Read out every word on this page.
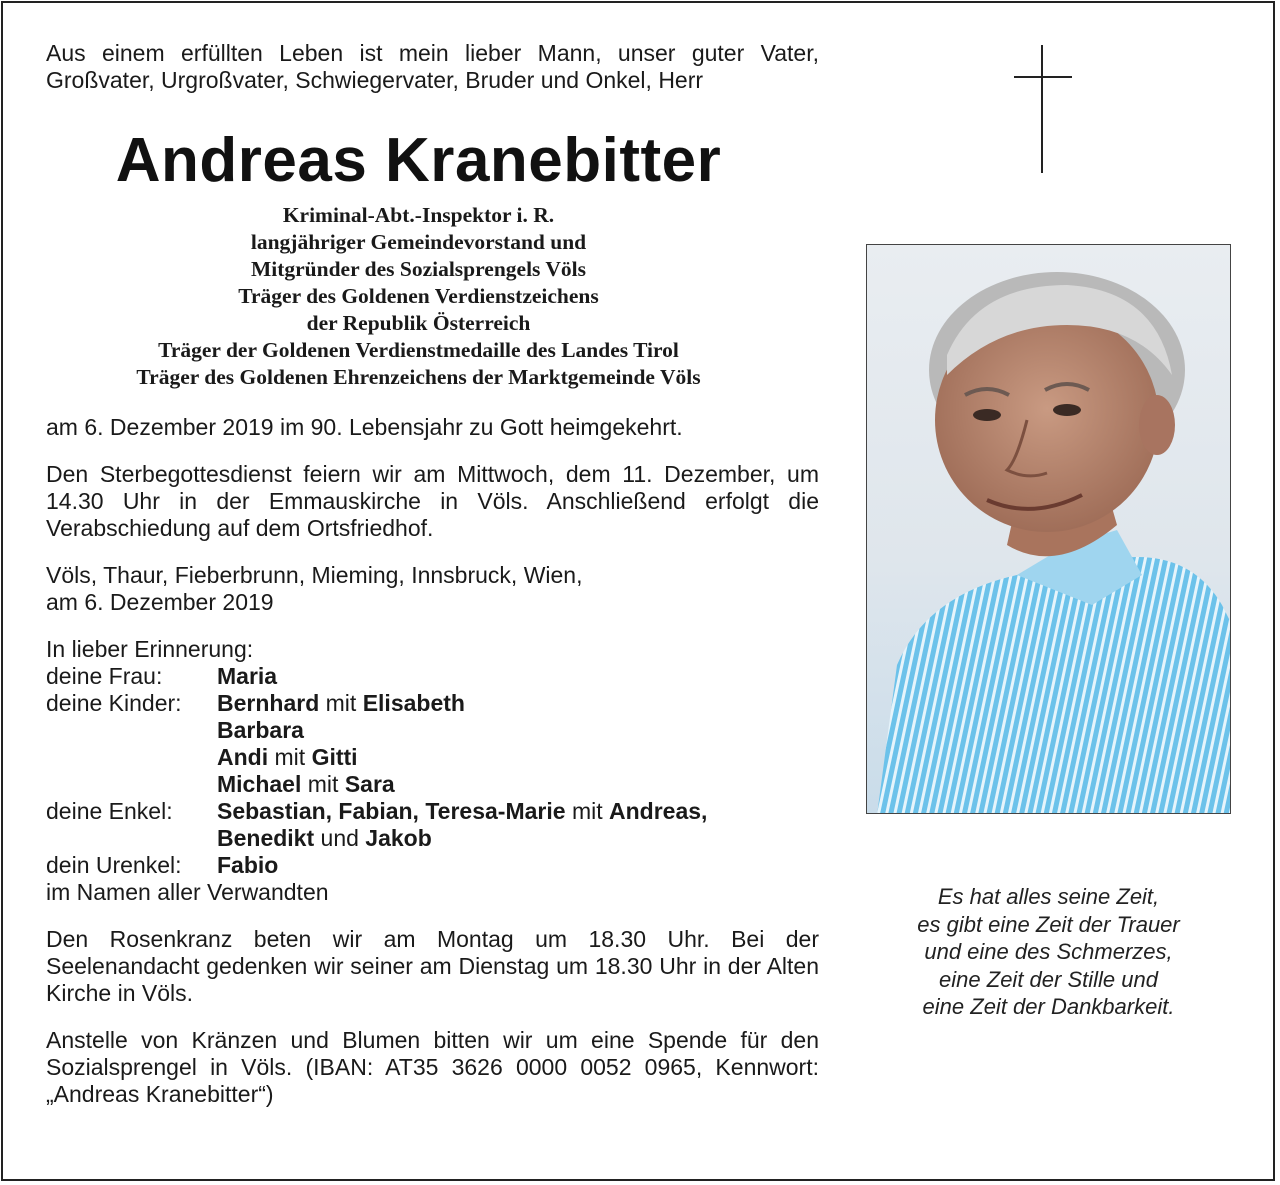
Aus einem erfüllten Leben ist mein lieber Mann, unser guter Vater, Großvater, Urgroßvater, Schwiegervater, Bruder und Onkel, Herr

Andreas Kranebitter
Kriminal-Abt.-Inspektor i. R.
langjähriger Gemeindevorstand und
Mitgründer des Sozialsprengels Völs
Träger des Goldenen Verdienstzeichens
der Republik Österreich
Träger der Goldenen Verdienstmedaille des Landes Tirol
Träger des Goldenen Ehrenzeichens der Marktgemeinde Völs

am 6. Dezember 2019 im 90. Lebensjahr zu Gott heimgekehrt.

Den Sterbegottesdienst feiern wir am Mittwoch, dem 11. Dezember, um 14.30 Uhr in der Emmauskirche in Völs. Anschließend erfolgt die Verabschiedung auf dem Ortsfriedhof.

Völs, Thaur, Fieberbrunn, Mieming, Innsbruck, Wien,

am 6. Dezember 2019

In lieber Erinnerung:

deine Frau:	Maria
deine Kinder:	Bernhard mit Elisabeth
	Barbara
	Andi mit Gitti
	Michael mit Sara
deine Enkel:	Sebastian, Fabian, Teresa-Marie mit Andreas,
	Benedikt und Jakob
dein Urenkel:	Fabio

im Namen aller Verwandten

Den Rosenkranz beten wir am Montag um 18.30 Uhr. Bei der Seelenandacht gedenken wir seiner am Dienstag um 18.30 Uhr in der Alten Kirche in Völs.

Anstelle von Kränzen und Blumen bitten wir um eine Spende für den Sozialsprengel in Völs. (IBAN: AT35 3626 0000 0052 0965, Kennwort: „Andreas Kranebitter“)

Es hat alles seine Zeit,
es gibt eine Zeit der Trauer
und eine des Schmerzes,
eine Zeit der Stille und
eine Zeit der Dankbarkeit.
